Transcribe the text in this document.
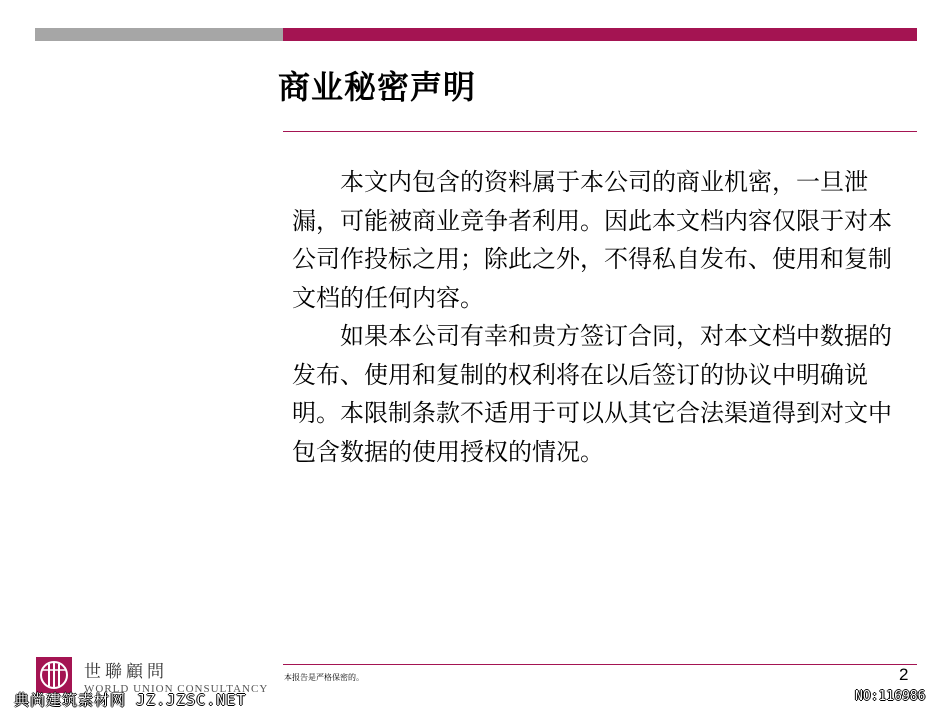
商业秘密声明

本文内包含的资料属于本公司的商业机密，一旦泄漏，可能被商业竞争者利用。因此本文档内容仅限于对本公司作投标之用；除此之外，不得私自发布、使用和复制文档的任何内容。

如果本公司有幸和贵方签订合同，对本文档中数据的发布、使用和复制的权利将在以后签订的协议中明确说明。本限制条款不适用于可以从其它合法渠道得到对文中包含数据的使用授权的情况。

本报告是严格保密的。	2
世聯顧問
WORLD UNION CONSULTANCY
典尚建筑素材网 JZ.JZSC.NET	NO:116986
